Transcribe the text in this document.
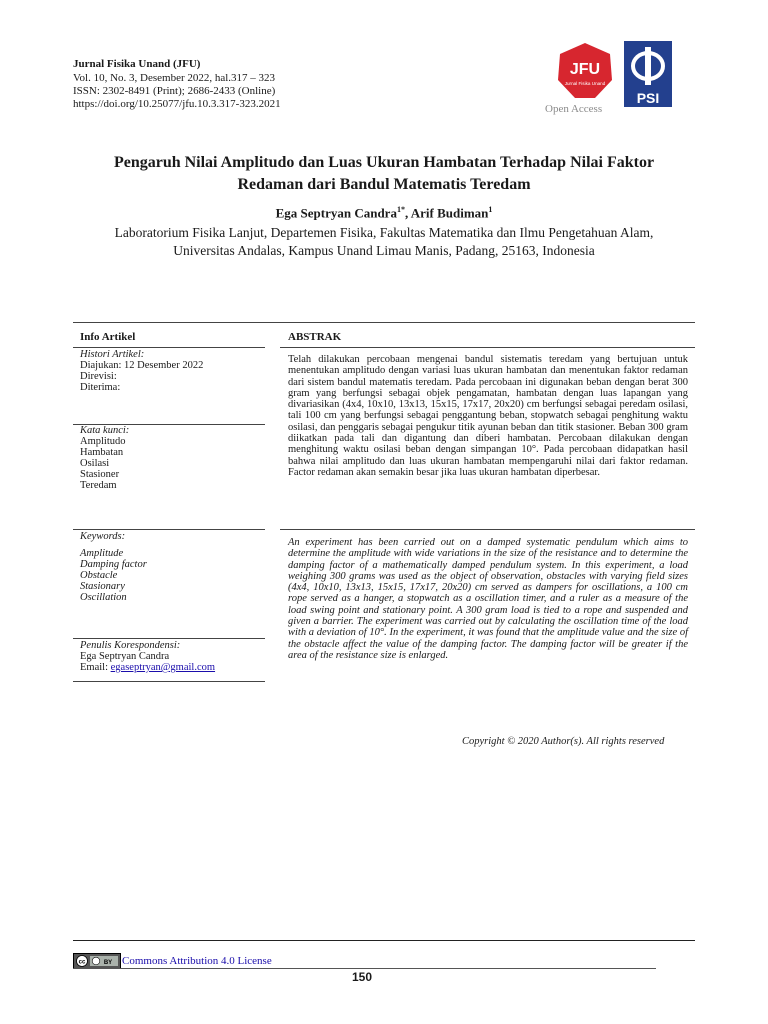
Jurnal Fisika Unand (JFU)
Vol. 10, No. 3, Desember 2022, hal.317 – 323
ISSN: 2302-8491 (Print); 2686-2433 (Online)
https://doi.org/10.25077/jfu.10.3.317-323.2021
JFU
Jurnal Fisika Unand
PSI
Open Access
Pengaruh Nilai Amplitudo dan Luas Ukuran Hambatan Terhadap Nilai Faktor
Redaman dari Bandul Matematis Teredam
Ega Septryan Candra$^{1*}$, Arif Budiman$^1$
Laboratorium Fisika Lanjut, Departemen Fisika, Fakultas Matematika dan Ilmu Pengetahuan Alam,
Universitas Andalas, Kampus Unand Limau Manis, Padang, 25163, Indonesia
Info Artikel
Histori Artikel:
Diajukan: 12 Desember 2022
Direvisi:
Diterima:
Kata kunci:
Amplitudo
Hambatan
Osilasi
Stasioner
Teredam
Keywords:
Amplitude
Damping factor
Obstacle
Stasionary
Oscillation
Penulis Korespondensi:
Ega Septryan Candra
Email: egaseptryan@gmail.com
ABSTRAK
Telah dilakukan percobaan mengenai bandul sistematis teredam yang bertujuan untuk menentukan amplitudo dengan variasi luas ukuran hambatan dan menentukan faktor redaman dari sistem bandul matematis teredam. Pada percobaan ini digunakan beban dengan berat 300 gram yang berfungsi sebagai objek pengamatan, hambatan dengan luas lapangan yang divariasikan (4x4, 10x10, 13x13, 15x15, 17x17, 20x20) cm berfungsi sebagai peredam osilasi, tali 100 cm yang berfungsi sebagai penggantung beban, stopwatch sebagai penghitung waktu osilasi, dan penggaris sebagai pengukur titik ayunan beban dan titik stasioner. Beban 300 gram diikatkan pada tali dan digantung dan diberi hambatan. Percobaan dilakukan dengan menghitung waktu osilasi beban dengan simpangan 10°. Pada percobaan didapatkan hasil bahwa nilai amplitudo dan luas ukuran hambatan mempengaruhi nilai dari faktor redaman. Factor redaman akan semakin besar jika luas ukuran hambatan diperbesar.
An experiment has been carried out on a damped systematic pendulum which aims to determine the amplitude with wide variations in the size of the resistance and to determine the damping factor of a mathematically damped pendulum system. In this experiment, a load weighing 300 grams was used as the object of observation, obstacles with varying field sizes (4x4, 10x10, 13x13, 15x15, 17x17, 20x20) cm served as dampers for oscillations, a 100 cm rope served as a hanger, a stopwatch as a oscillation timer, and a ruler as a measure of the load swing point and stationary point. A 300 gram load is tied to a rope and suspended and given a barrier. The experiment was carried out by calculating the oscillation time of the load with a deviation of 10°. In the experiment, it was found that the amplitude value and the size of the obstacle affect the value of the damping factor. The damping factor will be greater if the area of the resistance size is enlarged.
Copyright © 2020 Author(s). All rights reserved
cc	BY Commons Attribution 4.0 License
150
